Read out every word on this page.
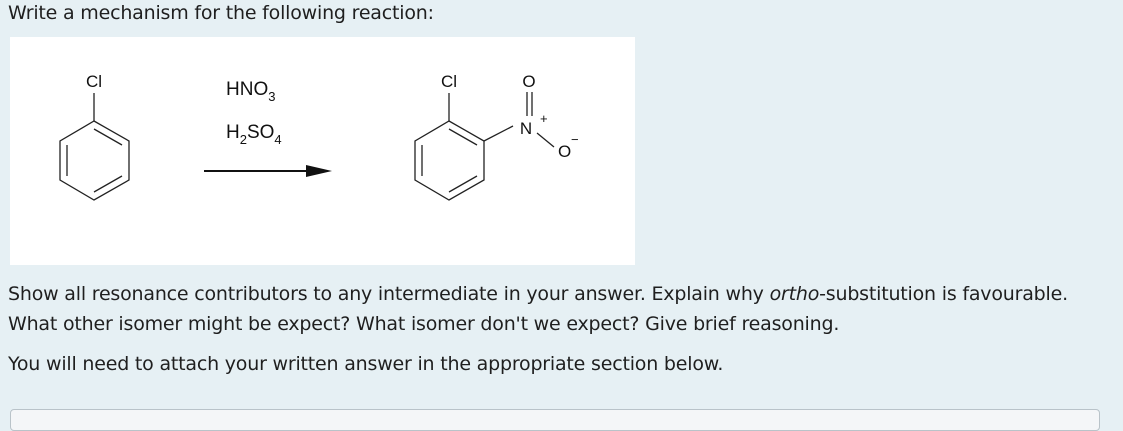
Write a mechanism for the following reaction:
Cl	$HNO_3$
$H_2SO_4$
Cl	O
N
+
O
−
Show all resonance contributors to any intermediate in your answer. Explain why ortho-substitution is favourable.
What other isomer might be expect? What isomer don't we expect? Give brief reasoning.
You will need to attach your written answer in the appropriate section below.
